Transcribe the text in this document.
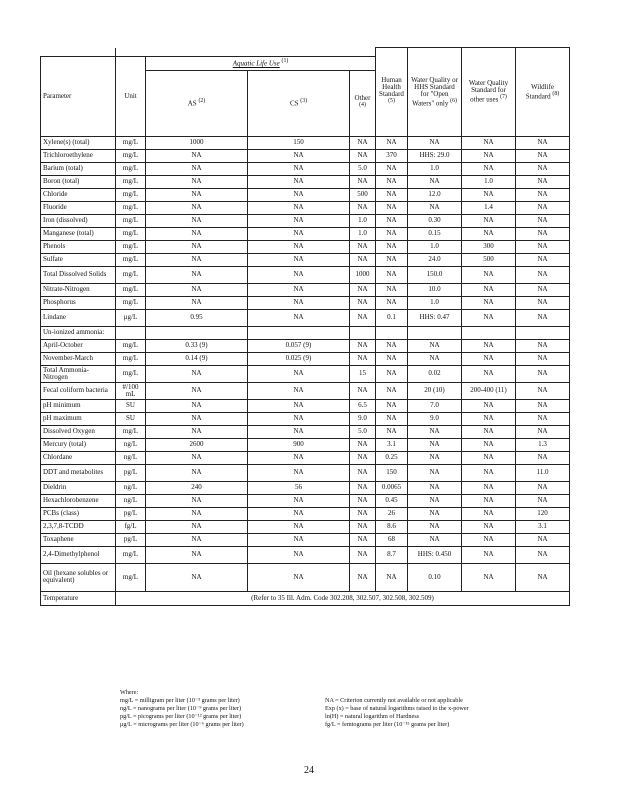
					Human Health Standard $^{(5)}$	Water Quality or HHS Standard for "Open Waters" only $^{(6)}$	Water Quality Standard for other uses $^{(7)}$	Wildlife Standard $^{(8)}$
Parameter	Unit	Aquatic Life Use $^{(1)}$
		AS $^{(2)}$	CS $^{(3)}$	Other $^{(4)}$
Xylene(s) (total)	mg/L	1000	150	NA	NA	NA	NA	NA
Trichloroethylene	mg/L	NA	NA	NA	370	HHS: 29.0	NA	NA
Barium (total)	mg/L	NA	NA	5.0	NA	1.0	NA	NA
Boron (total)	mg/L	NA	NA	NA	NA	NA	1.0	NA
Chloride	mg/L	NA	NA	500	NA	12.0	NA	NA
Fluoride	mg/L	NA	NA	NA	NA	NA	1.4	NA
Iron (dissolved)	mg/L	NA	NA	1.0	NA	0.30	NA	NA
Manganese (total)	mg/L	NA	NA	1.0	NA	0.15	NA	NA
Phenols	mg/L	NA	NA	NA	NA	1.0	300	NA
Sulfate	mg/L	NA	NA	NA	NA	24.0	500	NA
Total Dissolved Solids	mg/L	NA	NA	1000	NA	150.0	NA	NA
Nitrate-Nitrogen	mg/L	NA	NA	NA	NA	10.0	NA	NA
Phosphorus	mg/L	NA	NA	NA	NA	1.0	NA	NA
Lindane	μg/L	0.95	NA	NA	0.1	HHS: 0.47	NA	NA
Un-ionized ammonia:								
April-October	mg/L	0.33 (9)	0.057 (9)	NA	NA	NA	NA	NA
November-March	mg/L	0.14 (9)	0.025 (9)	NA	NA	NA	NA	NA
Total Ammonia-Nitrogen	mg/L	NA	NA	15	NA	0.02	NA	NA
Fecal coliform bacteria	#/100 mL	NA	NA	NA	NA	20 (10)	200-400 (11)	NA
pH minimum	SU	NA	NA	6.5	NA	7.0	NA	NA
pH maximum	SU	NA	NA	9.0	NA	9.0	NA	NA
Dissolved Oxygen	mg/L	NA	NA	5.0	NA	NA	NA	NA
Mercury (total)	ng/L	2600	900	NA	3.1	NA	NA	1.3
Chlordane	ng/L	NA	NA	NA	0.25	NA	NA	NA
DDT and metabolites	pg/L	NA	NA	NA	150	NA	NA	11.0
Dieldrin	ng/L	240	56	NA	0.0065	NA	NA	NA
Hexachlorobenzene	ng/L	NA	NA	NA	0.45	NA	NA	NA
PCBs (class)	pg/L	NA	NA	NA	26	NA	NA	120
2,3,7,8-TCDD	fg/L	NA	NA	NA	8.6	NA	NA	3.1
Toxaphene	pg/L	NA	NA	NA	68	NA	NA	NA
2,4-Dimethylphenol	mg/L	NA	NA	NA	8.7	HHS: 0.450	NA	NA
Oil (hexane solubles or equivalent)	mg/L	NA	NA	NA	NA	0.10	NA	NA
Temperature	(Refer to 35 Ill. Adm. Code 302.208, 302.507, 302.508, 302.509)							
Where:
mg/L = milligram per liter (10⁻³ grams per liter)
ng/L = nanograms per liter (10⁻⁹ grams per liter)
pg/L = picograms per liter (10⁻¹² grams per liter)
μg/L = micrograms per liter (10⁻⁶ grams per liter)
NA = Criterion currently not available or not applicable
Exp (x) = base of natural logarithms raised to the x-power
ln(H) = natural logarithm of Hardness
fg/L = femtograms per liter (10⁻¹⁵ grams per liter)
24
